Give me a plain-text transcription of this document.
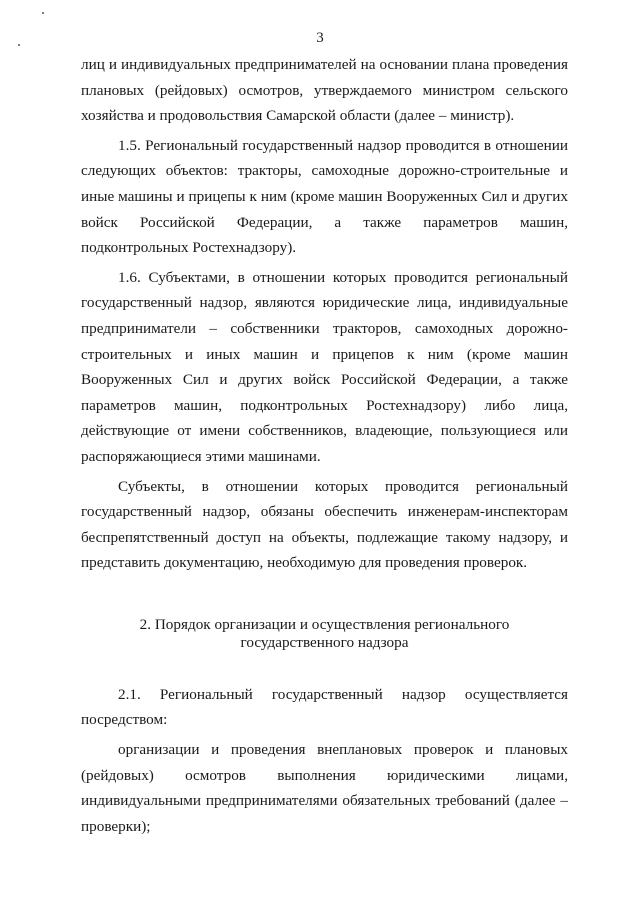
3

лиц и индивидуальных предпринимателей на основании плана проведения плановых (рейдовых) осмотров, утверждаемого министром сельского хозяйства и продовольствия Самарской области (далее – министр).

1.5. Региональный государственный надзор проводится в отношении следующих объектов: тракторы, самоходные дорожно-строительные и иные машины и прицепы к ним (кроме машин Вооруженных Сил и других войск Российской Федерации, а также параметров машин, подконтрольных Ростехнадзору).

1.6. Субъектами, в отношении которых проводится региональный государственный надзор, являются юридические лица, индивидуальные предприниматели – собственники тракторов, самоходных дорожно-строительных и иных машин и прицепов к ним (кроме машин Вооруженных Сил и других войск Российской Федерации, а также параметров машин, подконтрольных Ростехнадзору) либо лица, действующие от имени собственников, владеющие, пользующиеся или распоряжающиеся этими машинами.

Субъекты, в отношении которых проводится региональный государственный надзор, обязаны обеспечить инженерам-инспекторам беспрепятственный доступ на объекты, подлежащие такому надзору, и представить документацию, необходимую для проведения проверок.

2. Порядок организации и осуществления регионального
государственного надзора

2.1. Региональный государственный надзор осуществляется посредством:

организации и проведения внеплановых проверок и плановых (рейдовых) осмотров выполнения юридическими лицами, индивидуальными предпринимателями обязательных требований (далее – проверки);
